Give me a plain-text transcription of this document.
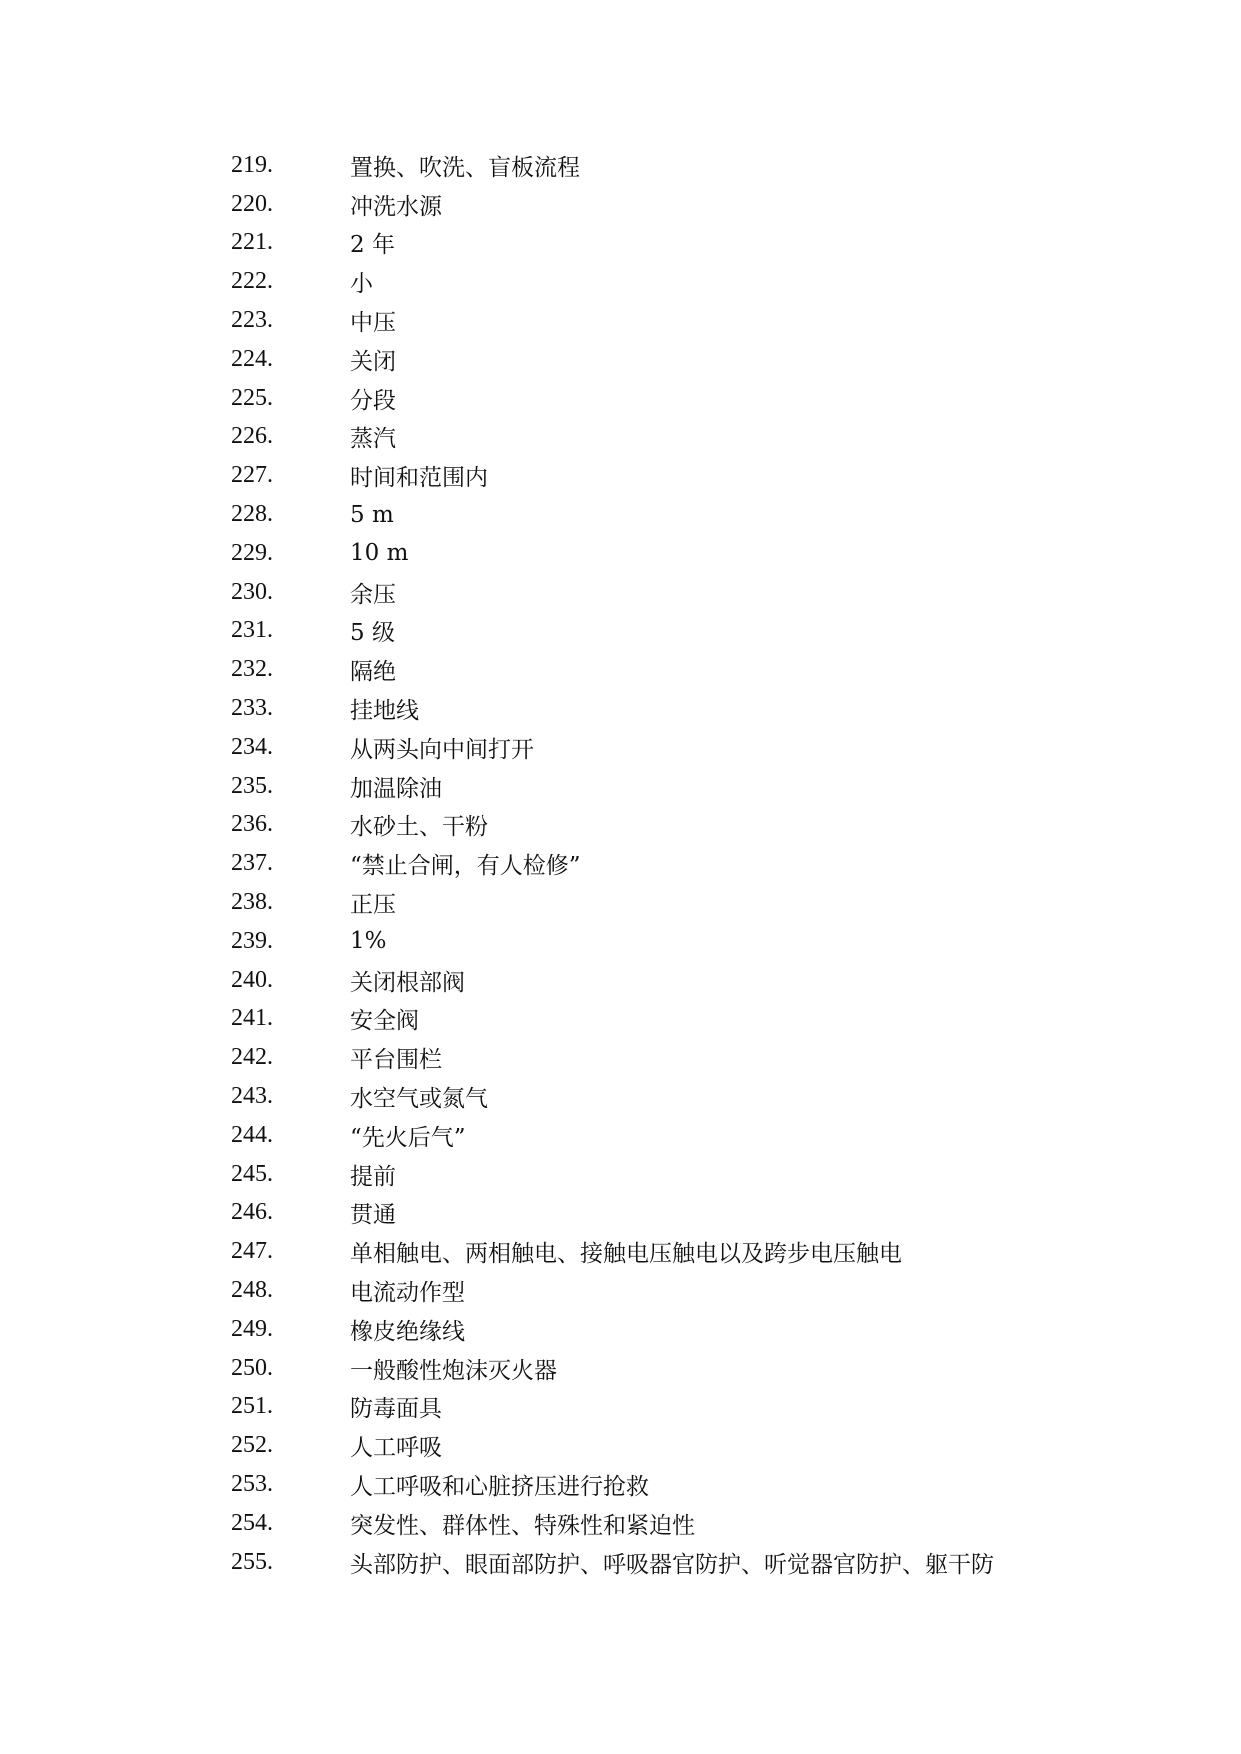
219.	置换、吹洗、盲板流程
220.	冲洗水源
221.	2 年
222.	小
223.	中压
224.	关闭
225.	分段
226.	蒸汽
227.	时间和范围内
228.	5 m
229.	10 m
230.	余压
231.	5 级
232.	隔绝
233.	挂地线
234.	从两头向中间打开
235.	加温除油
236.	水砂土、干粉
237.	“禁止合闸，有人检修”
238.	正压
239.	1%
240.	关闭根部阀
241.	安全阀
242.	平台围栏
243.	水空气或氮气
244.	“先火后气”
245.	提前
246.	贯通
247.	单相触电、两相触电、接触电压触电以及跨步电压触电
248.	电流动作型
249.	橡皮绝缘线
250.	一般酸性炮沫灭火器
251.	防毒面具
252.	人工呼吸
253.	人工呼吸和心脏挤压进行抢救
254.	突发性、群体性、特殊性和紧迫性
255.	头部防护、眼面部防护、呼吸器官防护、听觉器官防护、躯干防
